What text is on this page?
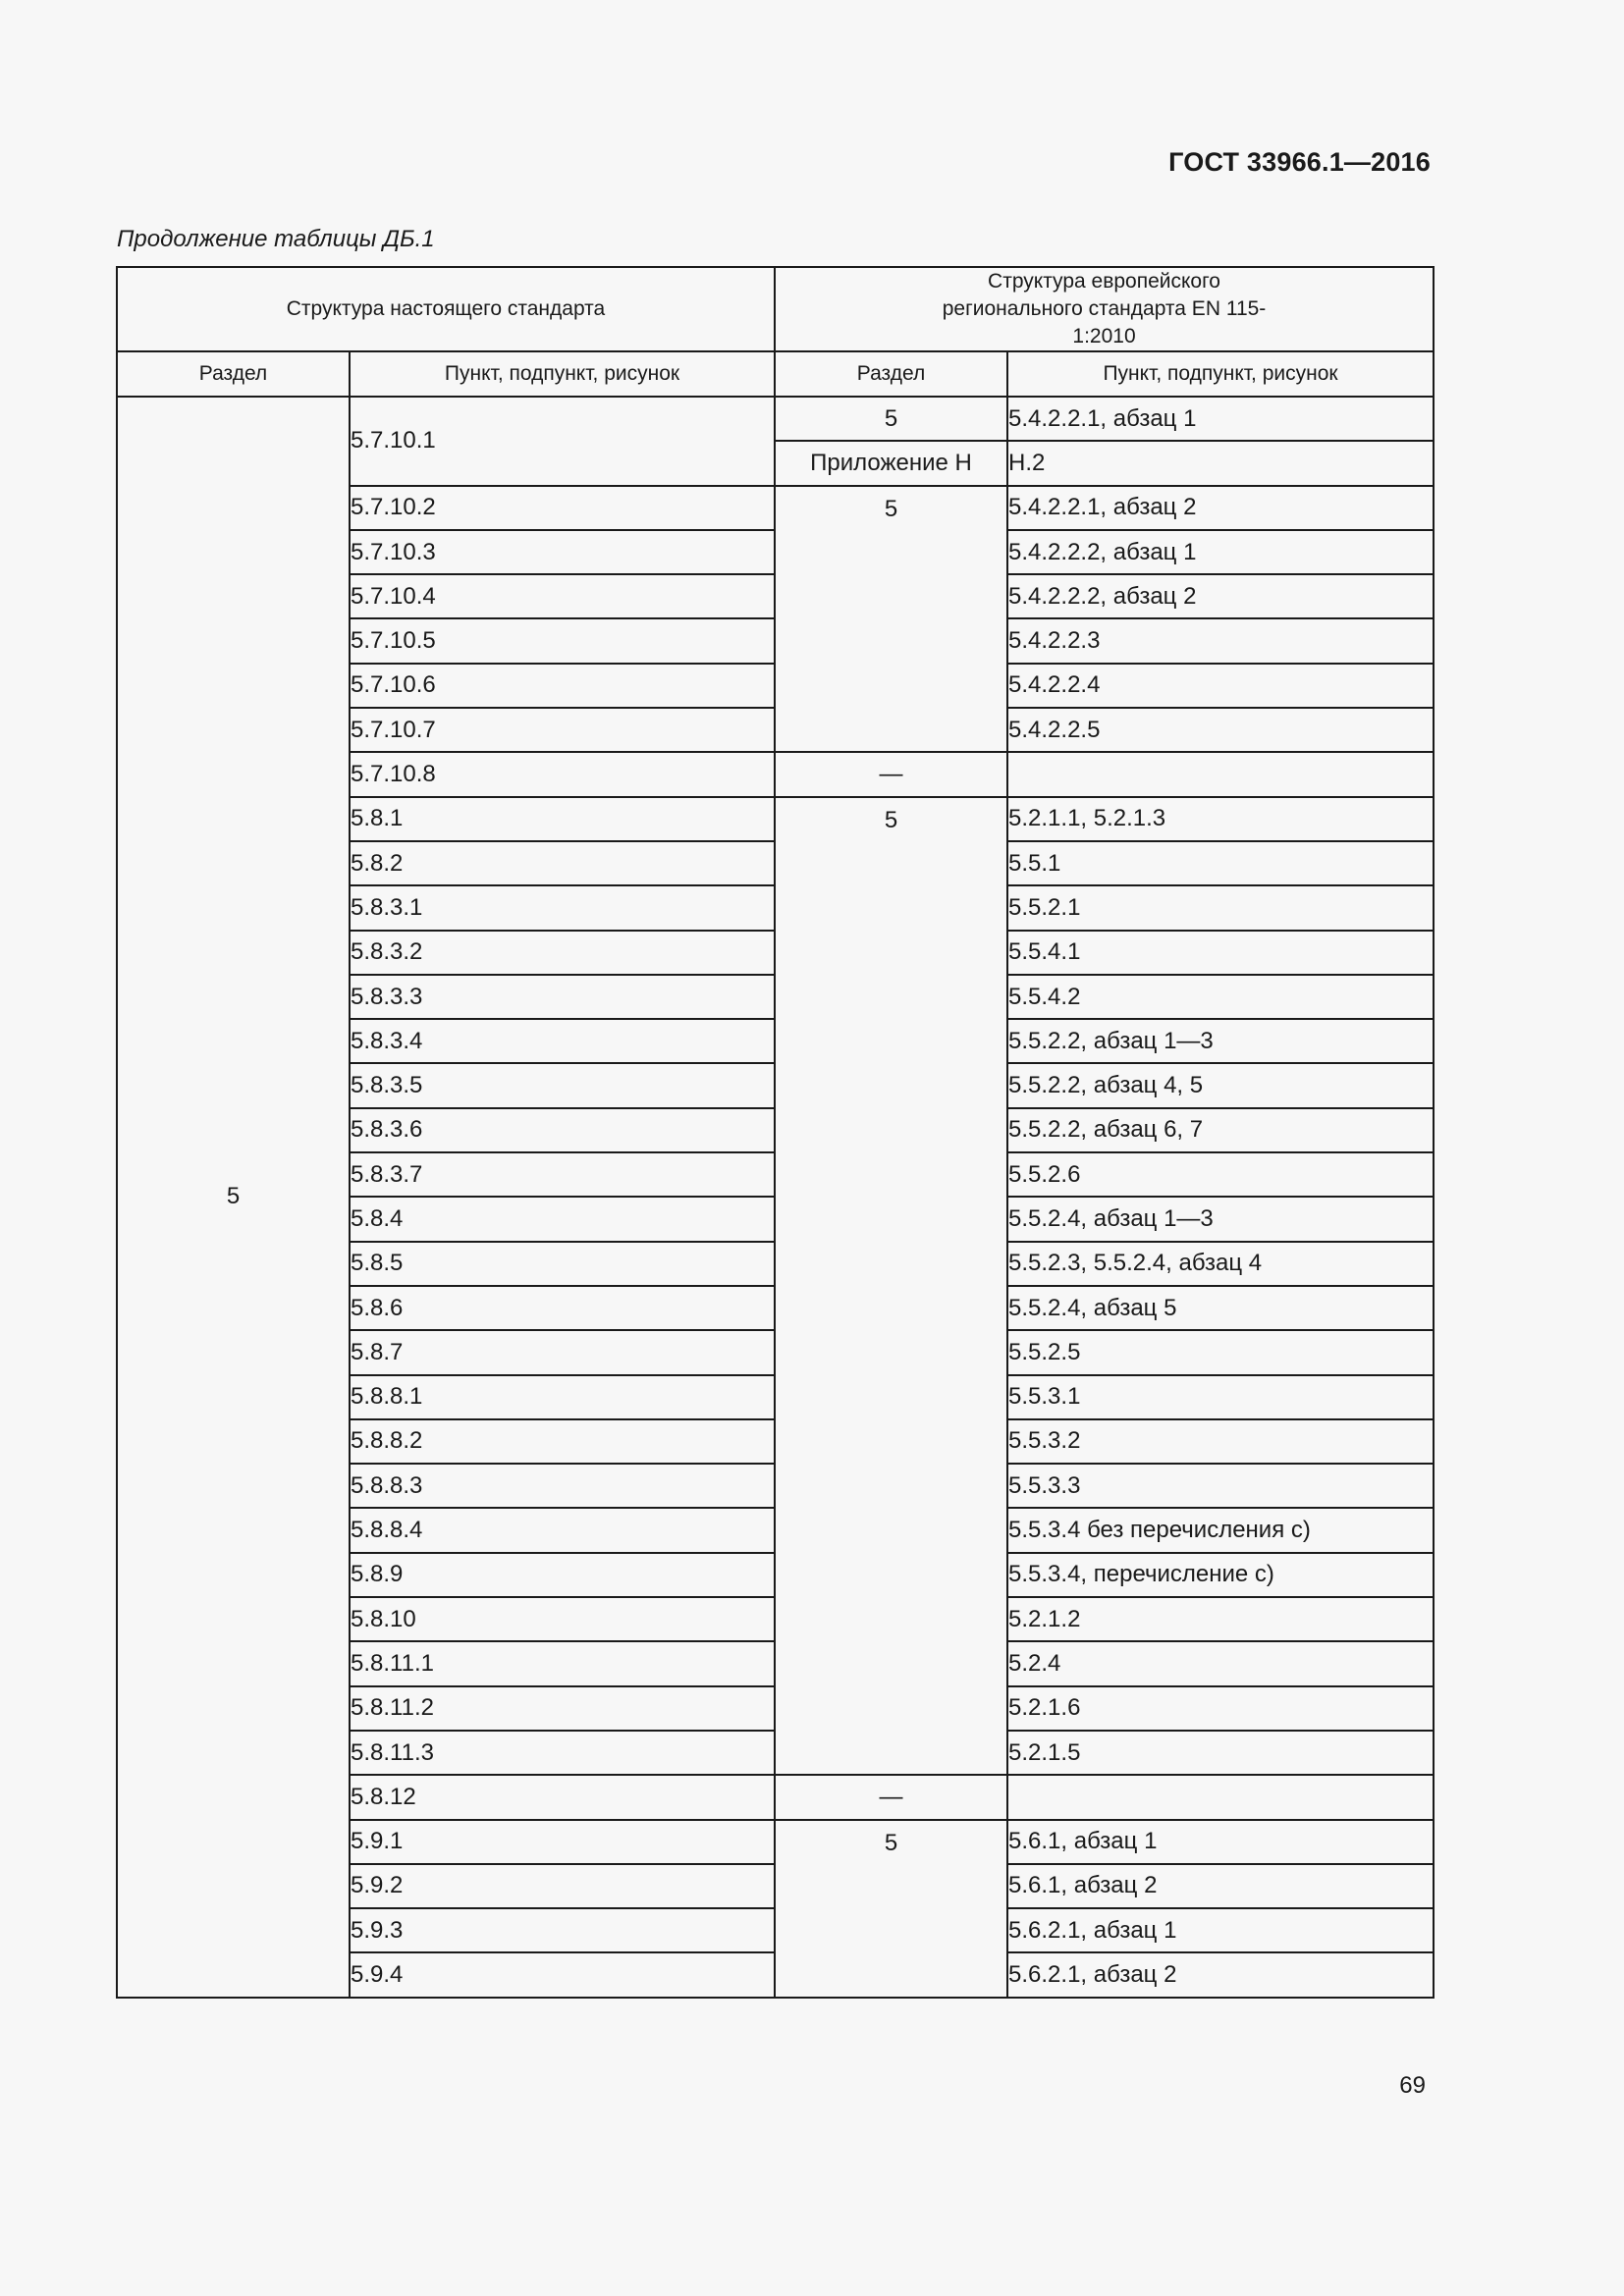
ГОСТ 33966.1—2016
Продолжение таблицы ДБ.1
Структура настоящего стандарта		Структура европейского регионального стандарта EN 115-1:2010	
Раздел	Пункт, подпункт, рисунок	Раздел	Пункт, подпункт, рисунок
5	5.7.10.1	5	5.4.2.2.1, абзац 1
		Приложение Н	H.2
	5.7.10.2	5	5.4.2.2.1, абзац 2
	5.7.10.3		5.4.2.2.2, абзац 1
	5.7.10.4		5.4.2.2.2, абзац 2
	5.7.10.5		5.4.2.2.3
	5.7.10.6		5.4.2.2.4
	5.7.10.7		5.4.2.2.5
	5.7.10.8	—	
	5.8.1	5	5.2.1.1, 5.2.1.3
	5.8.2		5.5.1
	5.8.3.1		5.5.2.1
	5.8.3.2		5.5.4.1
	5.8.3.3		5.5.4.2
	5.8.3.4		5.5.2.2, абзац 1—3
	5.8.3.5		5.5.2.2, абзац 4, 5
	5.8.3.6		5.5.2.2, абзац 6, 7
	5.8.3.7		5.5.2.6
	5.8.4		5.5.2.4, абзац 1—3
	5.8.5		5.5.2.3, 5.5.2.4, абзац 4
	5.8.6		5.5.2.4, абзац 5
	5.8.7		5.5.2.5
	5.8.8.1		5.5.3.1
	5.8.8.2		5.5.3.2
	5.8.8.3		5.5.3.3
	5.8.8.4		5.5.3.4 без перечисления с)
	5.8.9		5.5.3.4, перечисление с)
	5.8.10		5.2.1.2
	5.8.11.1		5.2.4
	5.8.11.2		5.2.1.6
	5.8.11.3		5.2.1.5
	5.8.12	—	
	5.9.1	5	5.6.1, абзац 1
	5.9.2		5.6.1, абзац 2
	5.9.3		5.6.2.1, абзац 1
	5.9.4		5.6.2.1, абзац 2
69
